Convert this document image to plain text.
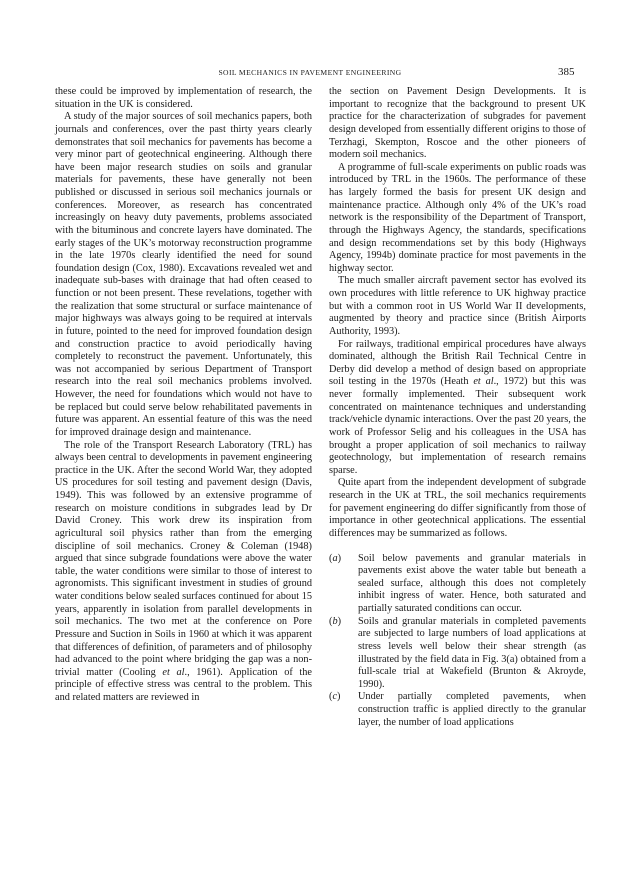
SOIL MECHANICS IN PAVEMENT ENGINEERING	385

these could be improved by implementation of research, the situation in the UK is considered.

A study of the major sources of soil mechanics papers, both journals and conferences, over the past thirty years clearly demonstrates that soil mechanics for pavements has become a very minor part of geotechnical engineering. Although there have been major research studies on soils and granular materials for pavements, these have generally not been published or discussed in serious soil mechanics journals or conferences. Moreover, as research has concentrated increasingly on heavy duty pavements, problems associated with the bituminous and concrete layers have dominated. The early stages of the UK’s motorway reconstruction programme in the late 1970s clearly identified the need for sound foundation design (Cox, 1980). Excavations revealed wet and inadequate sub-bases with drainage that had often ceased to function or not been present. These revelations, together with the realization that some structural or surface maintenance of major highways was always going to be required at intervals in future, pointed to the need for improved foundation design and construction practice to avoid periodically having completely to reconstruct the pavement. Unfortunately, this was not accompanied by serious Department of Transport research into the real soil mechanics problems involved. However, the need for foundations which would not have to be replaced but could serve below rehabilitated pavements in future was apparent. An essential feature of this was the need for improved drainage design and maintenance.

The role of the Transport Research Laboratory (TRL) has always been central to developments in pavement engineering practice in the UK. After the second World War, they adopted US procedures for soil testing and pavement design (Davis, 1949). This was followed by an extensive programme of research on moisture conditions in subgrades lead by Dr David Croney. This work drew its inspiration from agricultural soil physics rather than from the emerging discipline of soil mechanics. Croney & Coleman (1948) argued that since subgrade foundations were above the water table, the water conditions were similar to those of interest to agronomists. This significant investment in studies of ground water conditions below sealed surfaces continued for about 15 years, apparently in isolation from parallel developments in soil mechanics. The two met at the conference on Pore Pressure and Suction in Soils in 1960 at which it was apparent that differences of definition, of parameters and of philosophy had advanced to the point where bridging the gap was a non-trivial matter (Cooling et al., 1961). Application of the principle of effective stress was central to the problem. This and related matters are reviewed in

the section on Pavement Design Developments. It is important to recognize that the background to present UK practice for the characterization of subgrades for pavement design developed from essentially different origins to those of Terzhagi, Skempton, Roscoe and the other pioneers of modern soil mechanics.

A programme of full-scale experiments on public roads was introduced by TRL in the 1960s. The performance of these has largely formed the basis for present UK design and maintenance practice. Although only 4% of the UK’s road network is the responsibility of the Department of Transport, through the Highways Agency, the standards, specifications and design recommendations set by this body (Highways Agency, 1994b) dominate practice for most pavements in the highway sector.

The much smaller aircraft pavement sector has evolved its own procedures with little reference to UK highway practice but with a common root in US World War II developments, augmented by theory and practice since (British Airports Authority, 1993).

For railways, traditional empirical procedures have always dominated, although the British Rail Technical Centre in Derby did develop a method of design based on appropriate soil testing in the 1970s (Heath et al., 1972) but this was never formally implemented. Their subsequent work concentrated on maintenance techniques and understanding track/vehicle dynamic interactions. Over the past 20 years, the work of Professor Selig and his colleagues in the USA has brought a proper application of soil mechanics to railway geotechnology, but implementation of research remains sparse.

Quite apart from the independent development of subgrade research in the UK at TRL, the soil mechanics requirements for pavement engineering do differ significantly from those of importance in other geotechnical applications. The essential differences may be summarized as follows.

(a) Soil below pavements and granular materials in pavements exist above the water table but beneath a sealed surface, although this does not completely inhibit ingress of water. Hence, both saturated and partially saturated conditions can occur.

(b) Soils and granular materials in completed pavements are subjected to large numbers of load applications at stress levels well below their shear strength (as illustrated by the field data in Fig. 3(a) obtained from a full-scale trial at Wakefield (Brunton & Akroyde, 1990).

(c) Under partially completed pavements, when construction traffic is applied directly to the granular layer, the number of load applications
